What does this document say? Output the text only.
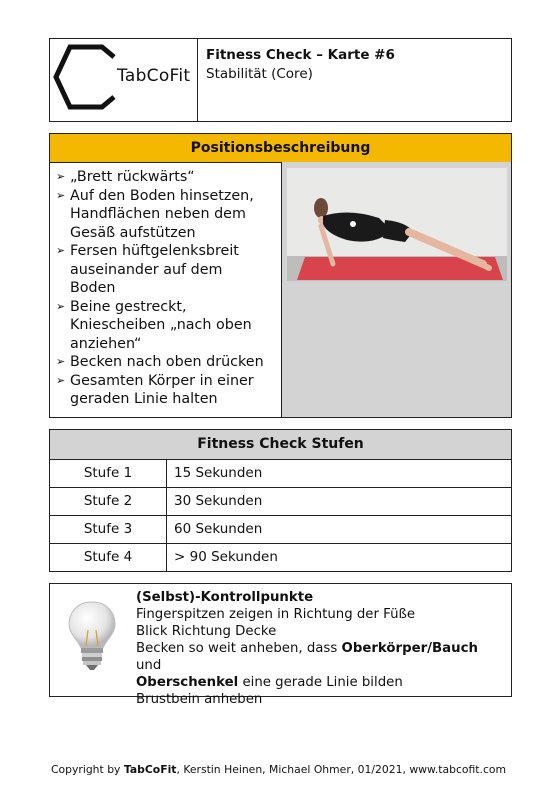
TabCoFit
Fitness Check – Karte #6
Stabilität (Core)
Positionsbeschreibung
➢ „Brett rückwärts“
➢ Auf den Boden hinsetzen,
Handflächen neben dem
Gesäß aufstützen
➢ Fersen hüftgelenksbreit
auseinander auf dem
Boden
➢ Beine gestreckt,
Kniescheiben „nach oben
anziehen“
➢ Becken nach oben drücken
➢ Gesamten Körper in einer
geraden Linie halten
Fitness Check Stufen
Stufe 1	15 Sekunden
Stufe 2	30 Sekunden
Stufe 3	60 Sekunden
Stufe 4	> 90 Sekunden

(Selbst)-Kontrollpunkte

Fingerspitzen zeigen in Richtung der Füße

Blick Richtung Decke

Becken so weit anheben, dass Oberkörper/Bauch und

Oberschenkel eine gerade Linie bilden

Brustbein anheben

Copyright by TabCoFit, Kerstin Heinen, Michael Ohmer, 01/2021, www.tabcofit.com
